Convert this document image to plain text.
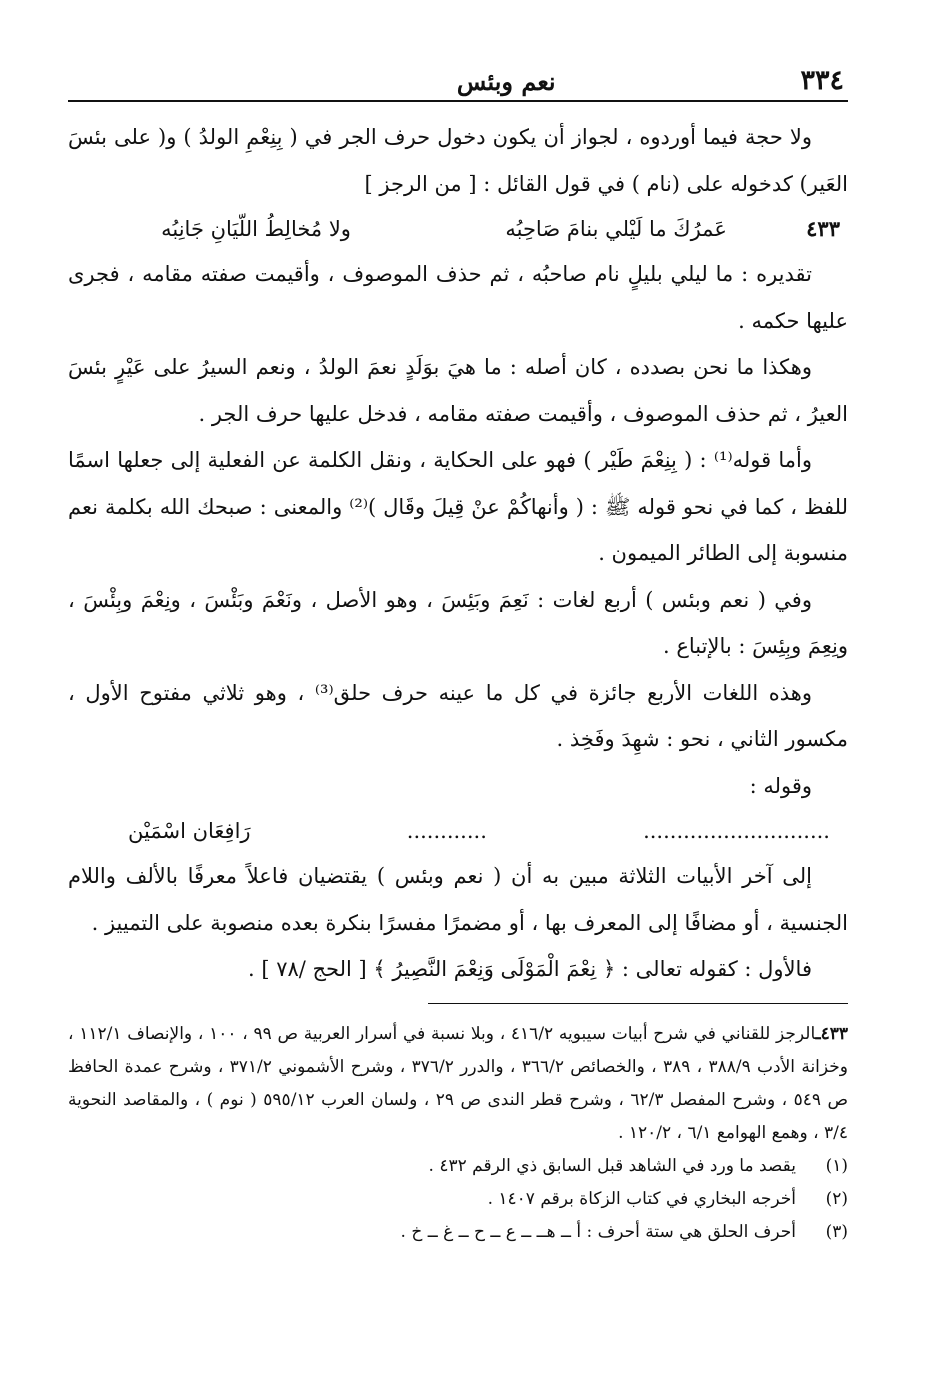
٣٣٤
نعم وبئس

ولا حجة فيما أوردوه ، لجواز أن يكون دخول حرف الجر في ( بِنِعْمِ الولدُ ) و( على بئسَ العَير) كدخوله على (نام ) في قول القائل : [ من الرجز ]

٤٣٣
عَمرُكَ ما لَيْلي بنامَ صَاحِبُه
ولا مُخالِطُ اللّيَانِ جَانِبُه

تقديره : ما ليلي بليلٍ نام صاحبُه ، ثم حذف الموصوف ، وأقيمت صفته مقامه ، فجرى عليها حكمه .

وهكذا ما نحن بصدده ، كان أصله : ما هيَ بوَلَدٍ نعمَ الولدُ ، ونعم السيرُ على عَيْرٍ بئسَ العيرُ ، ثم حذف الموصوف ، وأقيمت صفته مقامه ، فدخل عليها حرف الجر .

وأما قوله⁽¹⁾ : ( بِنِعْمَ طَيْر ) فهو على الحكاية ، ونقل الكلمة عن الفعلية إلى جعلها اسمًا للفظ ، كما في نحو قوله ﷺ : ( وأنهاكُمْ عنْ قِيلَ وقَال )⁽²⁾ والمعنى : صبحك الله بكلمة نعم منسوبة إلى الطائر الميمون .

وفي ( نعم وبئس ) أربع لغات : نَعِمَ وبَئِسَ ، وهو الأصل ، ونَعْمَ وبَئْسَ ، ونِعْمَ وبِئْسَ ، ونِعِمَ وبِئِسَ : بالإتباع .

وهذه اللغات الأربع جائزة في كل ما عينه حرف حلق⁽³⁾ ، وهو ثلاثي مفتوح الأول ، مكسور الثاني ، نحو : شهِدَ وفَخِذ .

وقوله :

............................
............
رَافِعَان اسْمَيْن

إلى آخر الأبيات الثلاثة مبين به أن ( نعم وبئس ) يقتضيان فاعلاً معرفًا بالألف واللام الجنسية ، أو مضافًا إلى المعرف بها ، أو مضمرًا مفسرًا بنكرة بعده منصوبة على التمييز .

فالأول : كقوله تعالى : ﴿ نِعْمَ الْمَوْلَى وَنِعْمَ النَّصِيرُ ﴾ [ الحج /٧٨ ] .

٤٣٣ـالرجز للقناني في شرح أبيات سيبويه ٤١٦/٢ ، وبلا نسبة في أسرار العربية ص ٩٩ ، ١٠٠ ، والإنصاف ١١٢/١ ، وخزانة الأدب ٣٨٨/٩ ، ٣٨٩ ، والخصائص ٣٦٦/٢ ، والدرر ٣٧٦/٢ ، وشرح الأشموني ٣٧١/٢ ، وشرح عمدة الحافظ ص ٥٤٩ ، وشرح المفصل ٦٢/٣ ، وشرح قطر الندى ص ٢٩ ، ولسان العرب ٥٩٥/١٢ ( نوم ) ، والمقاصد النحوية ٣/٤ ، وهمع الهوامع ٦/١ ، ١٢٠/٢ .
(١)
يقصد ما ورد في الشاهد قبل السابق ذي الرقم ٤٣٢ .
(٢)
أخرجه البخاري في كتاب الزكاة برقم ١٤٠٧ .
(٣)
أحرف الحلق هي ستة أحرف : أ ــ هــ ــ ع ــ ح ــ غ ــ خ .
